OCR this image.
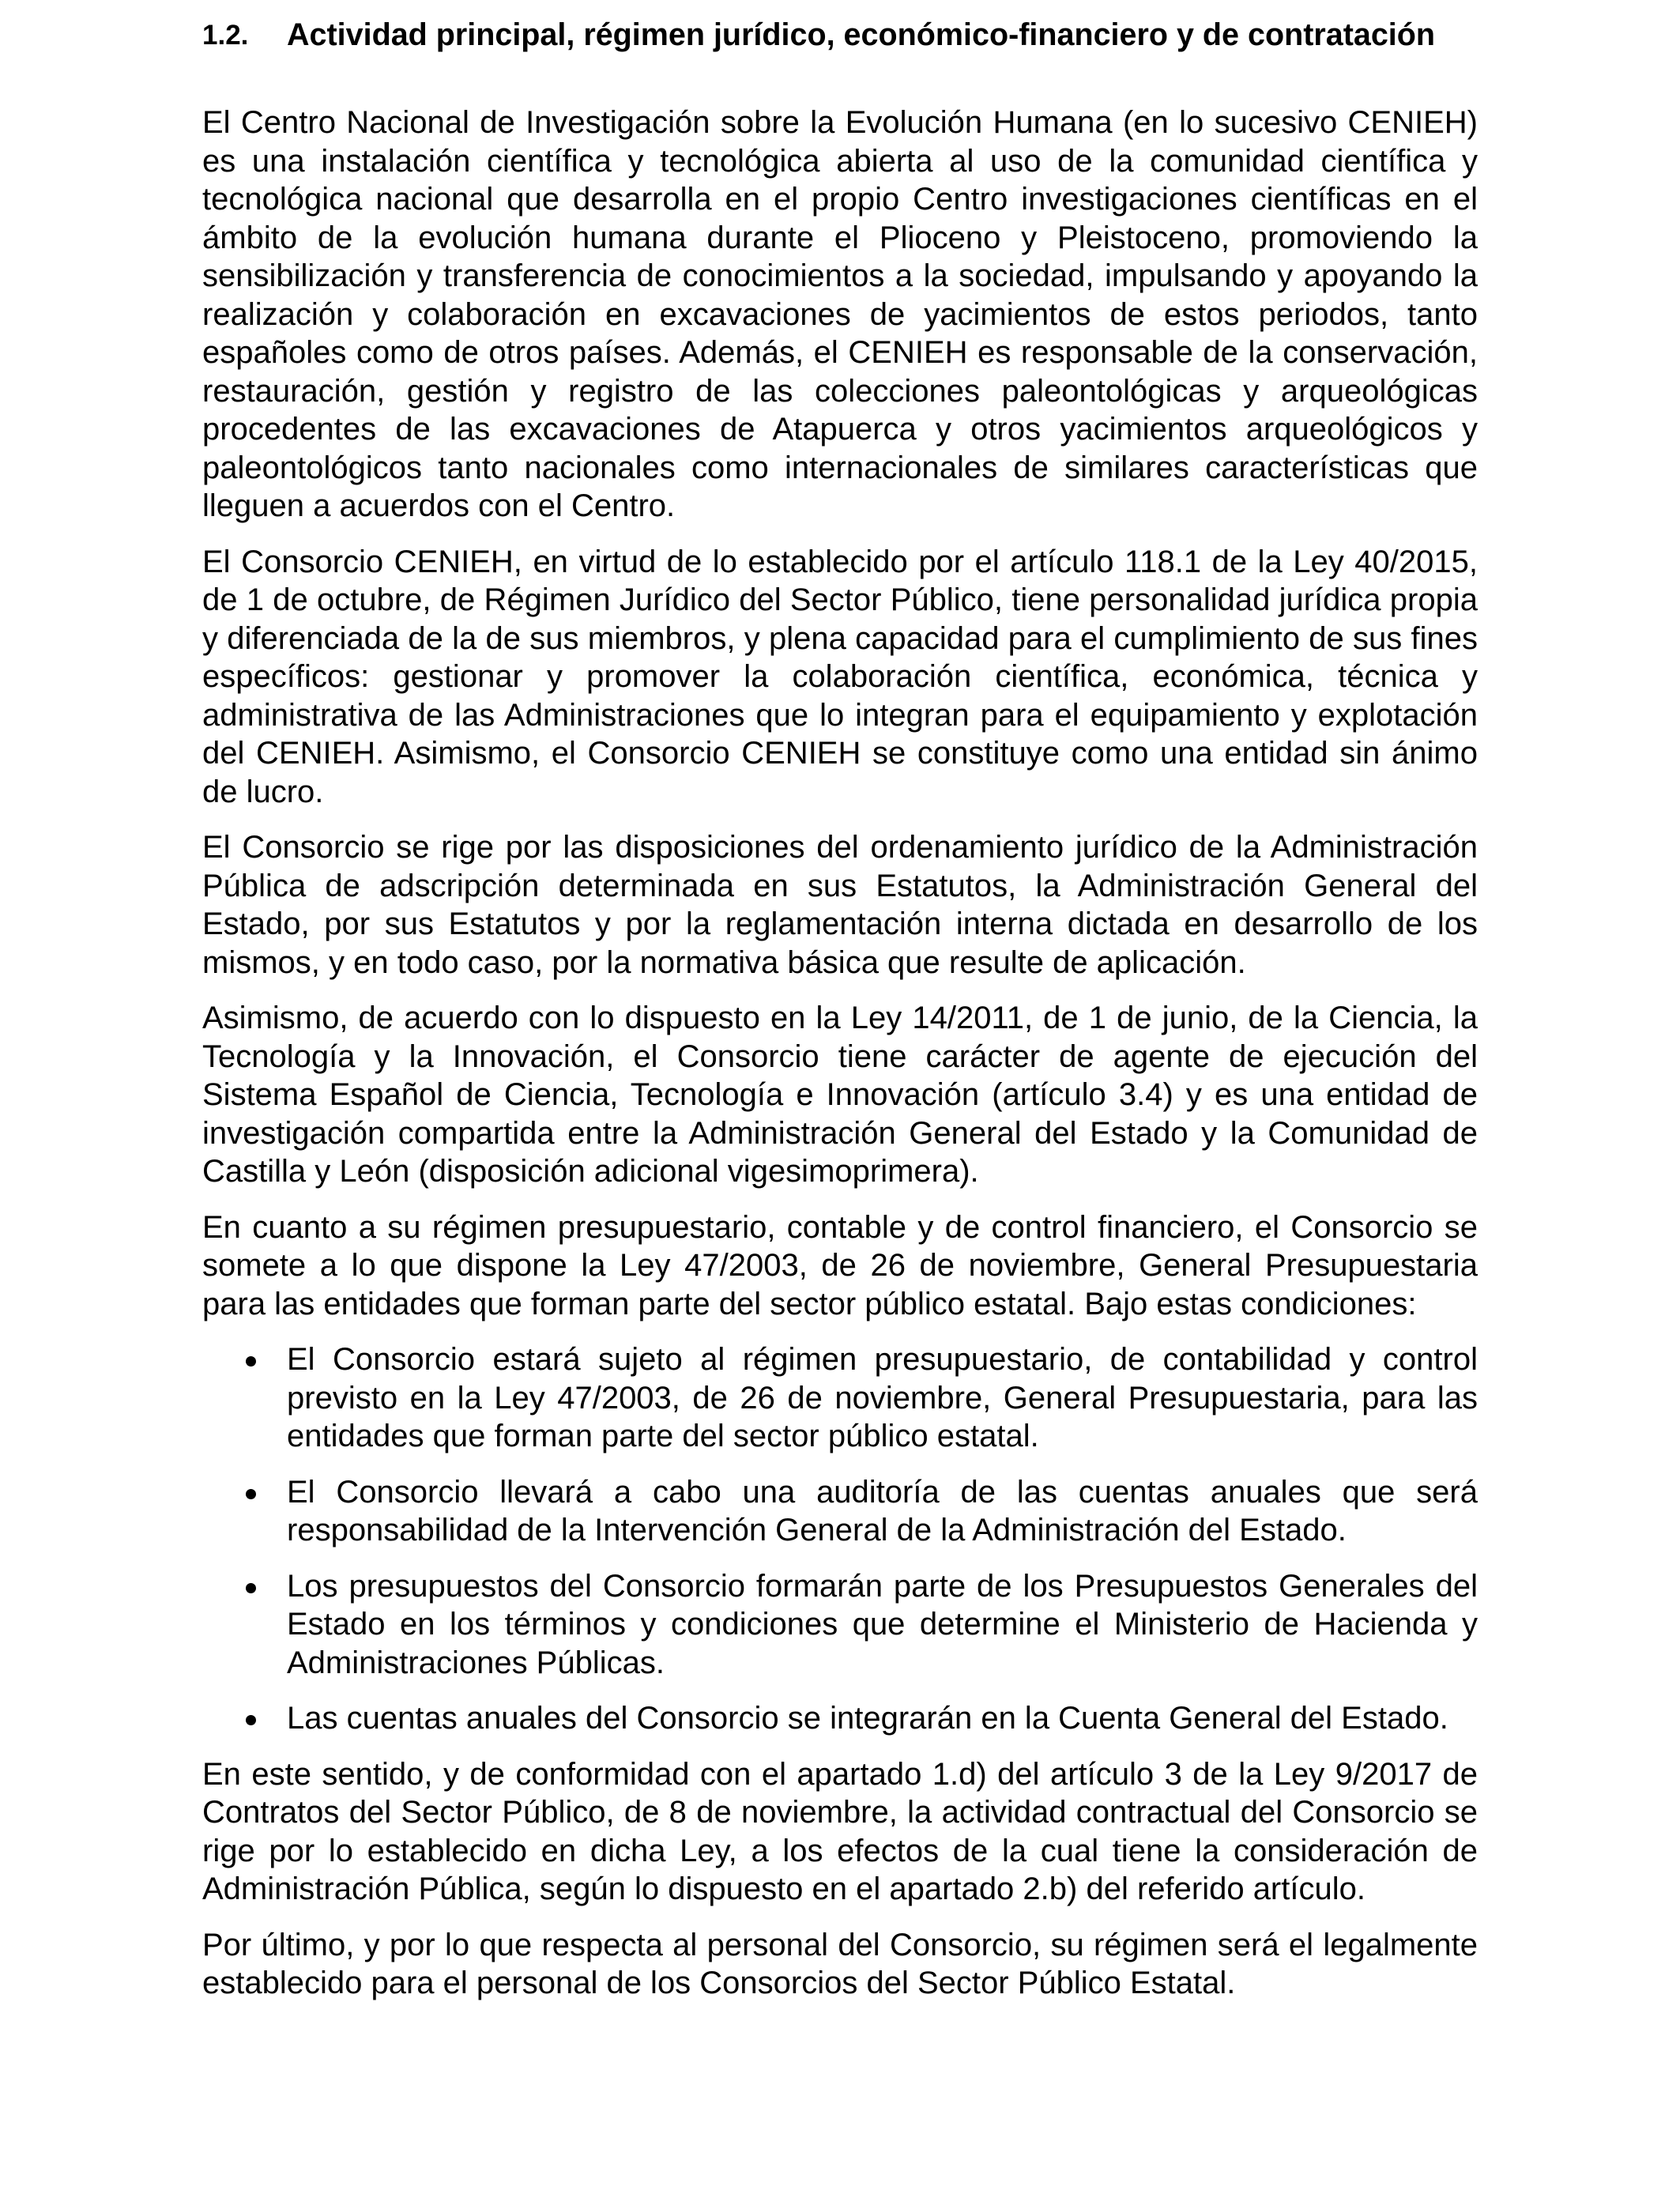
1.2.	Actividad principal, régimen jurídico, económico-financiero y de contratación

El Centro Nacional de Investigación sobre la Evolución Humana (en lo sucesivo CENIEH) es una instalación científica y tecnológica abierta al uso de la comunidad científica y tecnológica nacional que desarrolla en el propio Centro investigaciones científicas en el ámbito de la evolución humana durante el Plioceno y Pleistoceno, promoviendo la sensibilización y transferencia de conocimientos a la sociedad, impulsando y apoyando la realización y colaboración en excavaciones de yacimientos de estos periodos, tanto españoles como de otros países. Además, el CENIEH es responsable de la conservación, restauración, gestión y registro de las colecciones paleontológicas y arqueológicas procedentes de las excavaciones de Atapuerca y otros yacimientos arqueológicos y paleontológicos tanto nacionales como internacionales de similares características que lleguen a acuerdos con el Centro.

El Consorcio CENIEH, en virtud de lo establecido por el artículo 118.1 de la Ley 40/2015, de 1 de octubre, de Régimen Jurídico del Sector Público, tiene personalidad jurídica propia y diferenciada de la de sus miembros, y plena capacidad para el cumplimiento de sus fines específicos: gestionar y promover la colaboración científica, económica, técnica y administrativa de las Administraciones que lo integran para el equipamiento y explotación del CENIEH. Asimismo, el Consorcio CENIEH se constituye como una entidad sin ánimo de lucro.

El Consorcio se rige por las disposiciones del ordenamiento jurídico de la Administración Pública de adscripción determinada en sus Estatutos, la Administración General del Estado, por sus Estatutos y por la reglamentación interna dictada en desarrollo de los mismos, y en todo caso, por la normativa básica que resulte de aplicación.

Asimismo, de acuerdo con lo dispuesto en la Ley 14/2011, de 1 de junio, de la Ciencia, la Tecnología y la Innovación, el Consorcio tiene carácter de agente de ejecución del Sistema Español de Ciencia, Tecnología e Innovación (artículo 3.4) y es una entidad de investigación compartida entre la Administración General del Estado y la Comunidad de Castilla y León (disposición adicional vigesimoprimera).

En cuanto a su régimen presupuestario, contable y de control financiero, el Consorcio se somete a lo que dispone la Ley 47/2003, de 26 de noviembre, General Presupuestaria para las entidades que forman parte del sector público estatal. Bajo estas condiciones:

El Consorcio estará sujeto al régimen presupuestario, de contabilidad y control previsto en la Ley 47/2003, de 26 de noviembre, General Presupuestaria, para las entidades que forman parte del sector público estatal.
El Consorcio llevará a cabo una auditoría de las cuentas anuales que será responsabilidad de la Intervención General de la Administración del Estado.
Los presupuestos del Consorcio formarán parte de los Presupuestos Generales del Estado en los términos y condiciones que determine el Ministerio de Hacienda y Administraciones Públicas.
Las cuentas anuales del Consorcio se integrarán en la Cuenta General del Estado.

En este sentido, y de conformidad con el apartado 1.d) del artículo 3 de la Ley 9/2017 de Contratos del Sector Público, de 8 de noviembre, la actividad contractual del Consorcio se rige por lo establecido en dicha Ley, a los efectos de la cual tiene la consideración de Administración Pública, según lo dispuesto en el apartado 2.b) del referido artículo.

Por último, y por lo que respecta al personal del Consorcio, su régimen será el legalmente establecido para el personal de los Consorcios del Sector Público Estatal.
